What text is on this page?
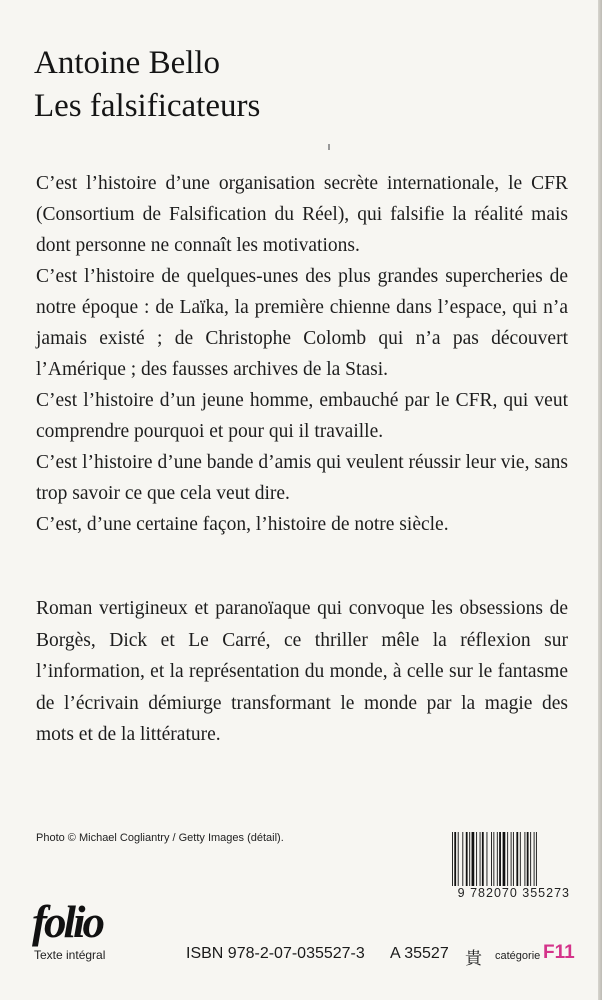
Antoine Bello
Les falsificateurs

C’est l’histoire d’une organisation secrète internationale, le CFR (Consortium de Falsification du Réel), qui falsifie la réalité mais dont personne ne connaît les motivations.

C’est l’histoire de quelques-unes des plus grandes supercheries de notre époque : de Laïka, la première chienne dans l’espace, qui n’a jamais existé ; de Christophe Colomb qui n’a pas découvert l’Amérique ; des fausses archives de la Stasi.

C’est l’histoire d’un jeune homme, embauché par le CFR, qui veut comprendre pourquoi et pour qui il travaille.

C’est l’histoire d’une bande d’amis qui veulent réussir leur vie, sans trop savoir ce que cela veut dire.

C’est, d’une certaine façon, l’histoire de notre siècle.

Roman vertigineux et paranoïaque qui convoque les obsessions de Borgès, Dick et Le Carré, ce thriller mêle la réflexion sur l’information, et la représentation du monde, à celle sur le fantasme de l’écrivain démiurge transformant le monde par la magie des mots et de la littérature.

Photo © Michael Cogliantry / Getty Images (détail).
9 782070 355273
folio
Texte intégral	ISBN 978-2-07-035527-3 A 35527 貴 catégorie F11
